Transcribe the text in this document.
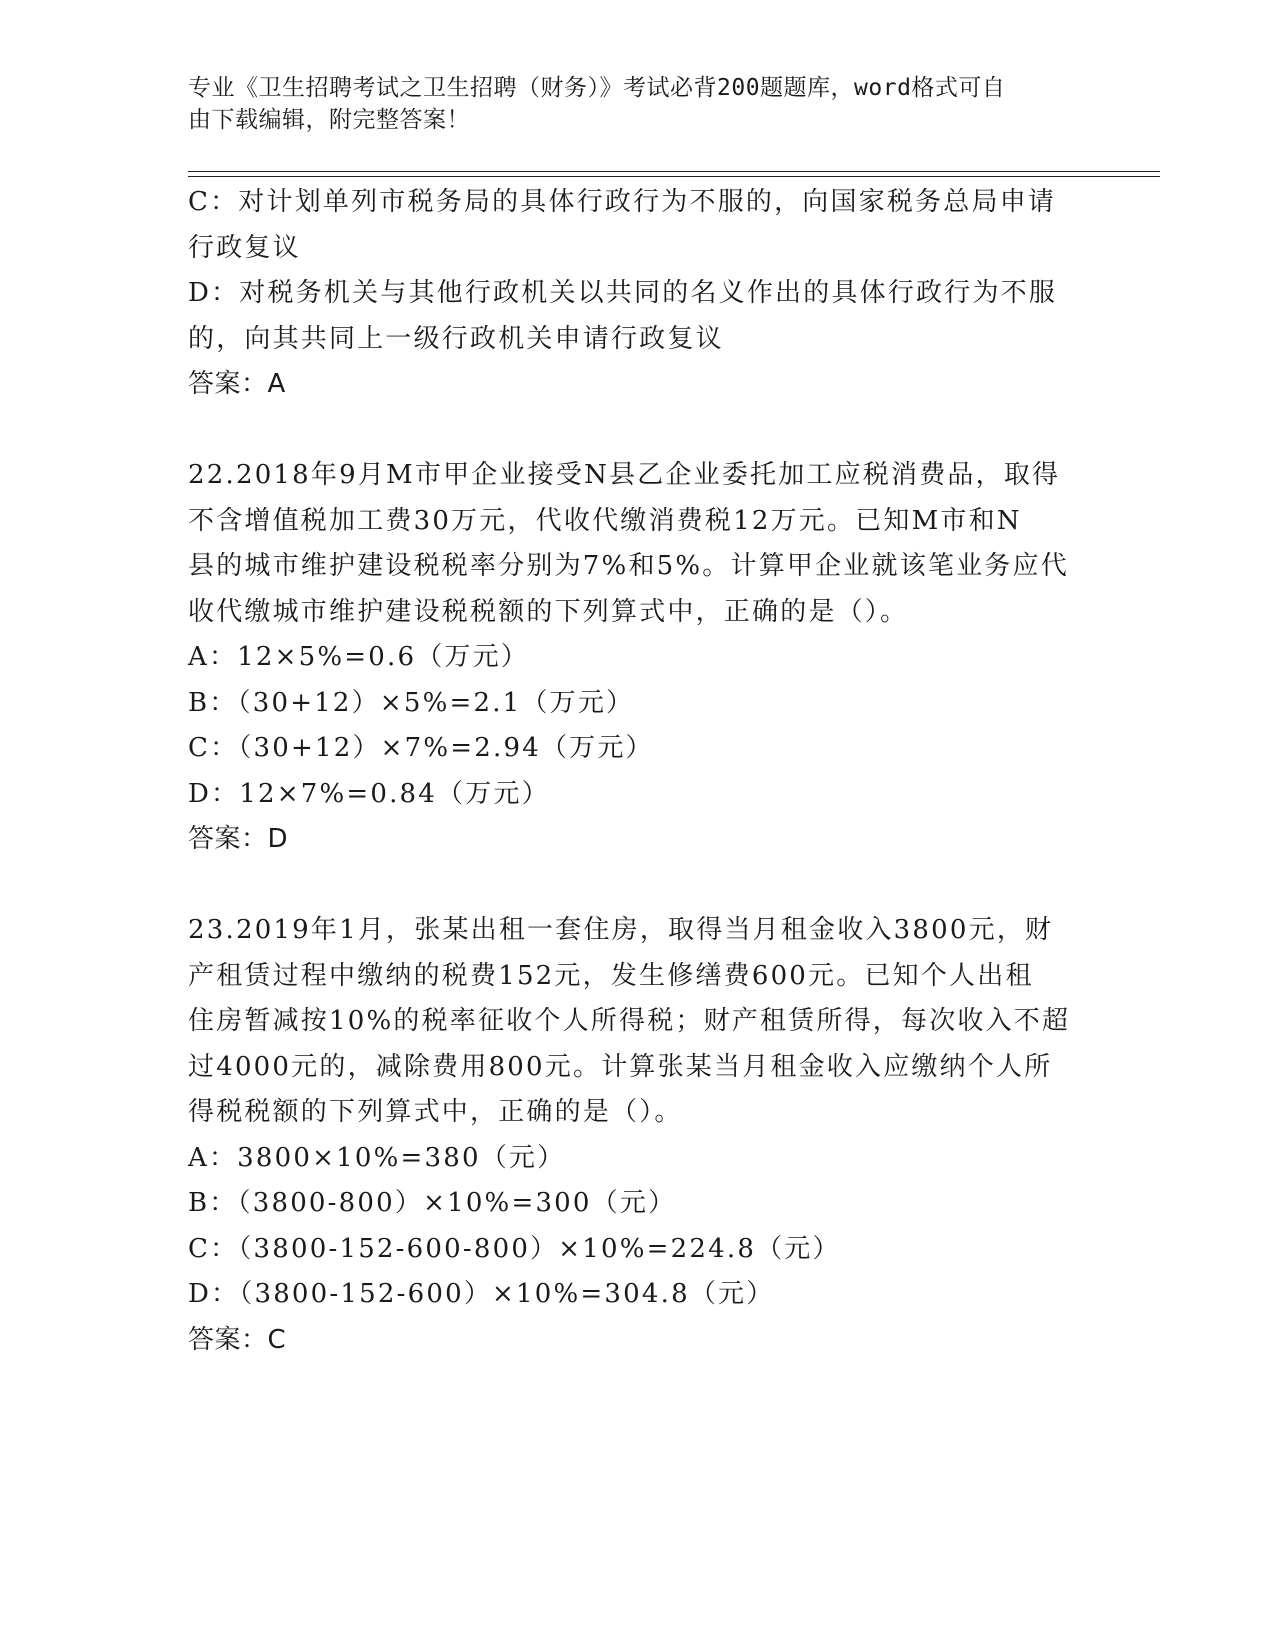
专业《卫生招聘考试之卫生招聘（财务）》考试必背200题题库，word格式可自
由下载编辑，附完整答案！
C：对计划单列市税务局的具体行政行为不服的，向国家税务总局申请
行政复议
D：对税务机关与其他行政机关以共同的名义作出的具体行政行为不服
的，向其共同上一级行政机关申请行政复议
答案：A
22.2018年9月M市甲企业接受N县乙企业委托加工应税消费品，取得
不含增值税加工费30万元，代收代缴消费税12万元。已知M市和N
县的城市维护建设税税率分别为7%和5%。计算甲企业就该笔业务应代
收代缴城市维护建设税税额的下列算式中，正确的是（）。
A：12×5%=0.6（万元）
B：（30+12）×5%=2.1（万元）
C：（30+12）×7%=2.94（万元）
D：12×7%=0.84（万元）
答案：D
23.2019年1月，张某出租一套住房，取得当月租金收入3800元，财
产租赁过程中缴纳的税费152元，发生修缮费600元。已知个人出租
住房暂减按10%的税率征收个人所得税；财产租赁所得，每次收入不超
过4000元的，减除费用800元。计算张某当月租金收入应缴纳个人所
得税税额的下列算式中，正确的是（）。
A：3800×10%=380（元）
B：（3800-800）×10%=300（元）
C：（3800-152-600-800）×10%=224.8（元）
D：（3800-152-600）×10%=304.8（元）
答案：C
